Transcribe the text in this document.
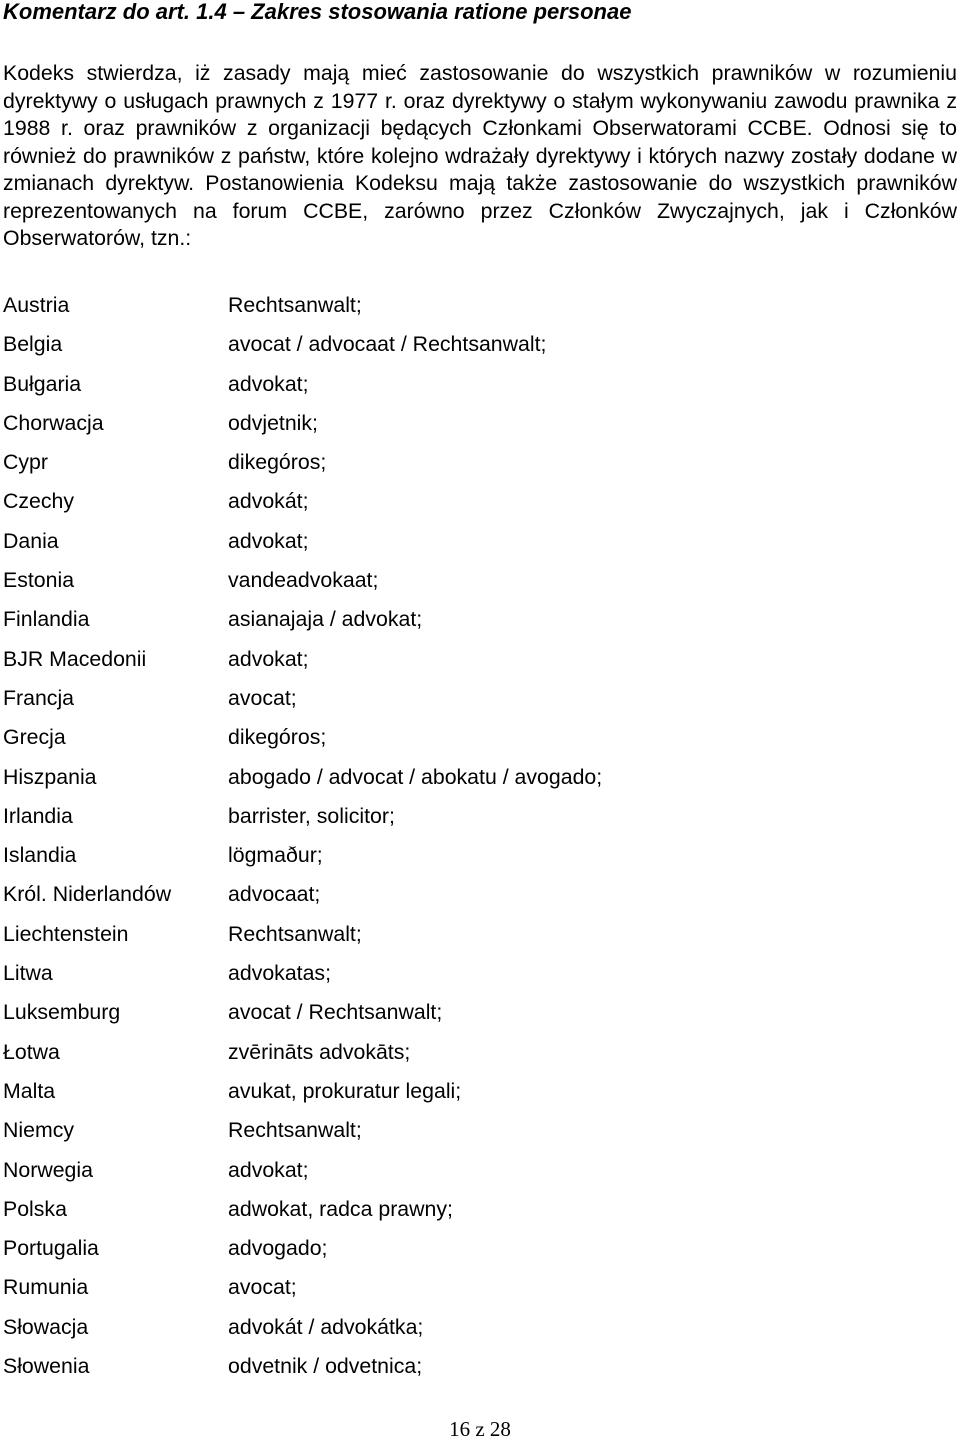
Komentarz do art. 1.4 – Zakres stosowania ratione personae

Kodeks stwierdza, iż zasady mają mieć zastosowanie do wszystkich prawników w rozumieniu dyrektywy o usługach prawnych z 1977 r. oraz dyrektywy o stałym wykonywaniu zawodu prawnika z 1988 r. oraz prawników z organizacji będących Członkami Obserwatorami CCBE. Odnosi się to również do prawników z państw, które kolejno wdrażały dyrektywy i których nazwy zostały dodane w zmianach dyrektyw. Postanowienia Kodeksu mają także zastosowanie do wszystkich prawników reprezentowanych na forum CCBE, zarówno przez Członków Zwyczajnych, jak i Członków Obserwatorów, tzn.:

Austria	Rechtsanwalt;
Belgia	avocat / advocaat / Rechtsanwalt;
Bułgaria	advokat;
Chorwacja	odvjetnik;
Cypr	dikegóros;
Czechy	advokát;
Dania	advokat;
Estonia	vandeadvokaat;
Finlandia	asianajaja / advokat;
BJR Macedonii	advokat;
Francja	avocat;
Grecja	dikegóros;
Hiszpania	abogado / advocat / abokatu / avogado;
Irlandia	barrister, solicitor;
Islandia	lögmaður;
Król. Niderlandów	advocaat;
Liechtenstein	Rechtsanwalt;
Litwa	advokatas;
Luksemburg	avocat / Rechtsanwalt;
Łotwa	zvērināts advokāts;
Malta	avukat, prokuratur legali;
Niemcy	Rechtsanwalt;
Norwegia	advokat;
Polska	adwokat, radca prawny;
Portugalia	advogado;
Rumunia	avocat;
Słowacja	advokát / advokátka;
Słowenia	odvetnik / odvetnica;
16 z 28
